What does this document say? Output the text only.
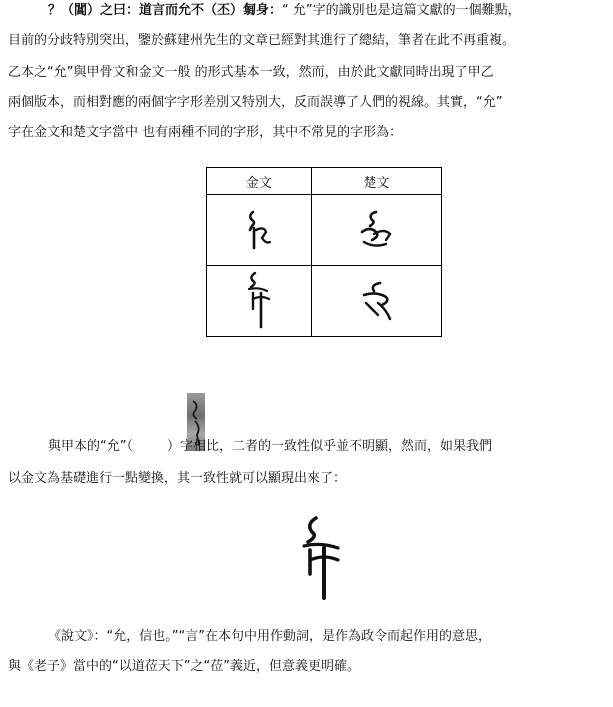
？（閶）之曰：道言而允不（丕）匔身：“ 允”字的識別也是這篇文獻的一個難點，
目前的分歧特別突出，鑒於蘇建州先生的文章已經對其進行了總結，筆者在此不再重複。
乙本之“允”與甲骨文和金文一般 的形式基本一致，然而，由於此文獻同時出現了甲乙
兩個版本，而相對應的兩個字字形差別又特別大，反而誤導了人們的視線。其實，“允”
字在金文和楚文字當中 也有兩種不同的字形，其中不常見的字形為：
金文	楚文

與甲本的“允”（	）字相比，二者的一致性似乎並不明顯，然而，如果我們
以金文為基礎進行一點變換，其一致性就可以顯現出來了：
《說文》：“允，信也。”“言”在本句中用作動詞，是作為政令而起作用的意思，
與《老子》當中的“以道莅天下”之“莅”義近，但意義更明確。
